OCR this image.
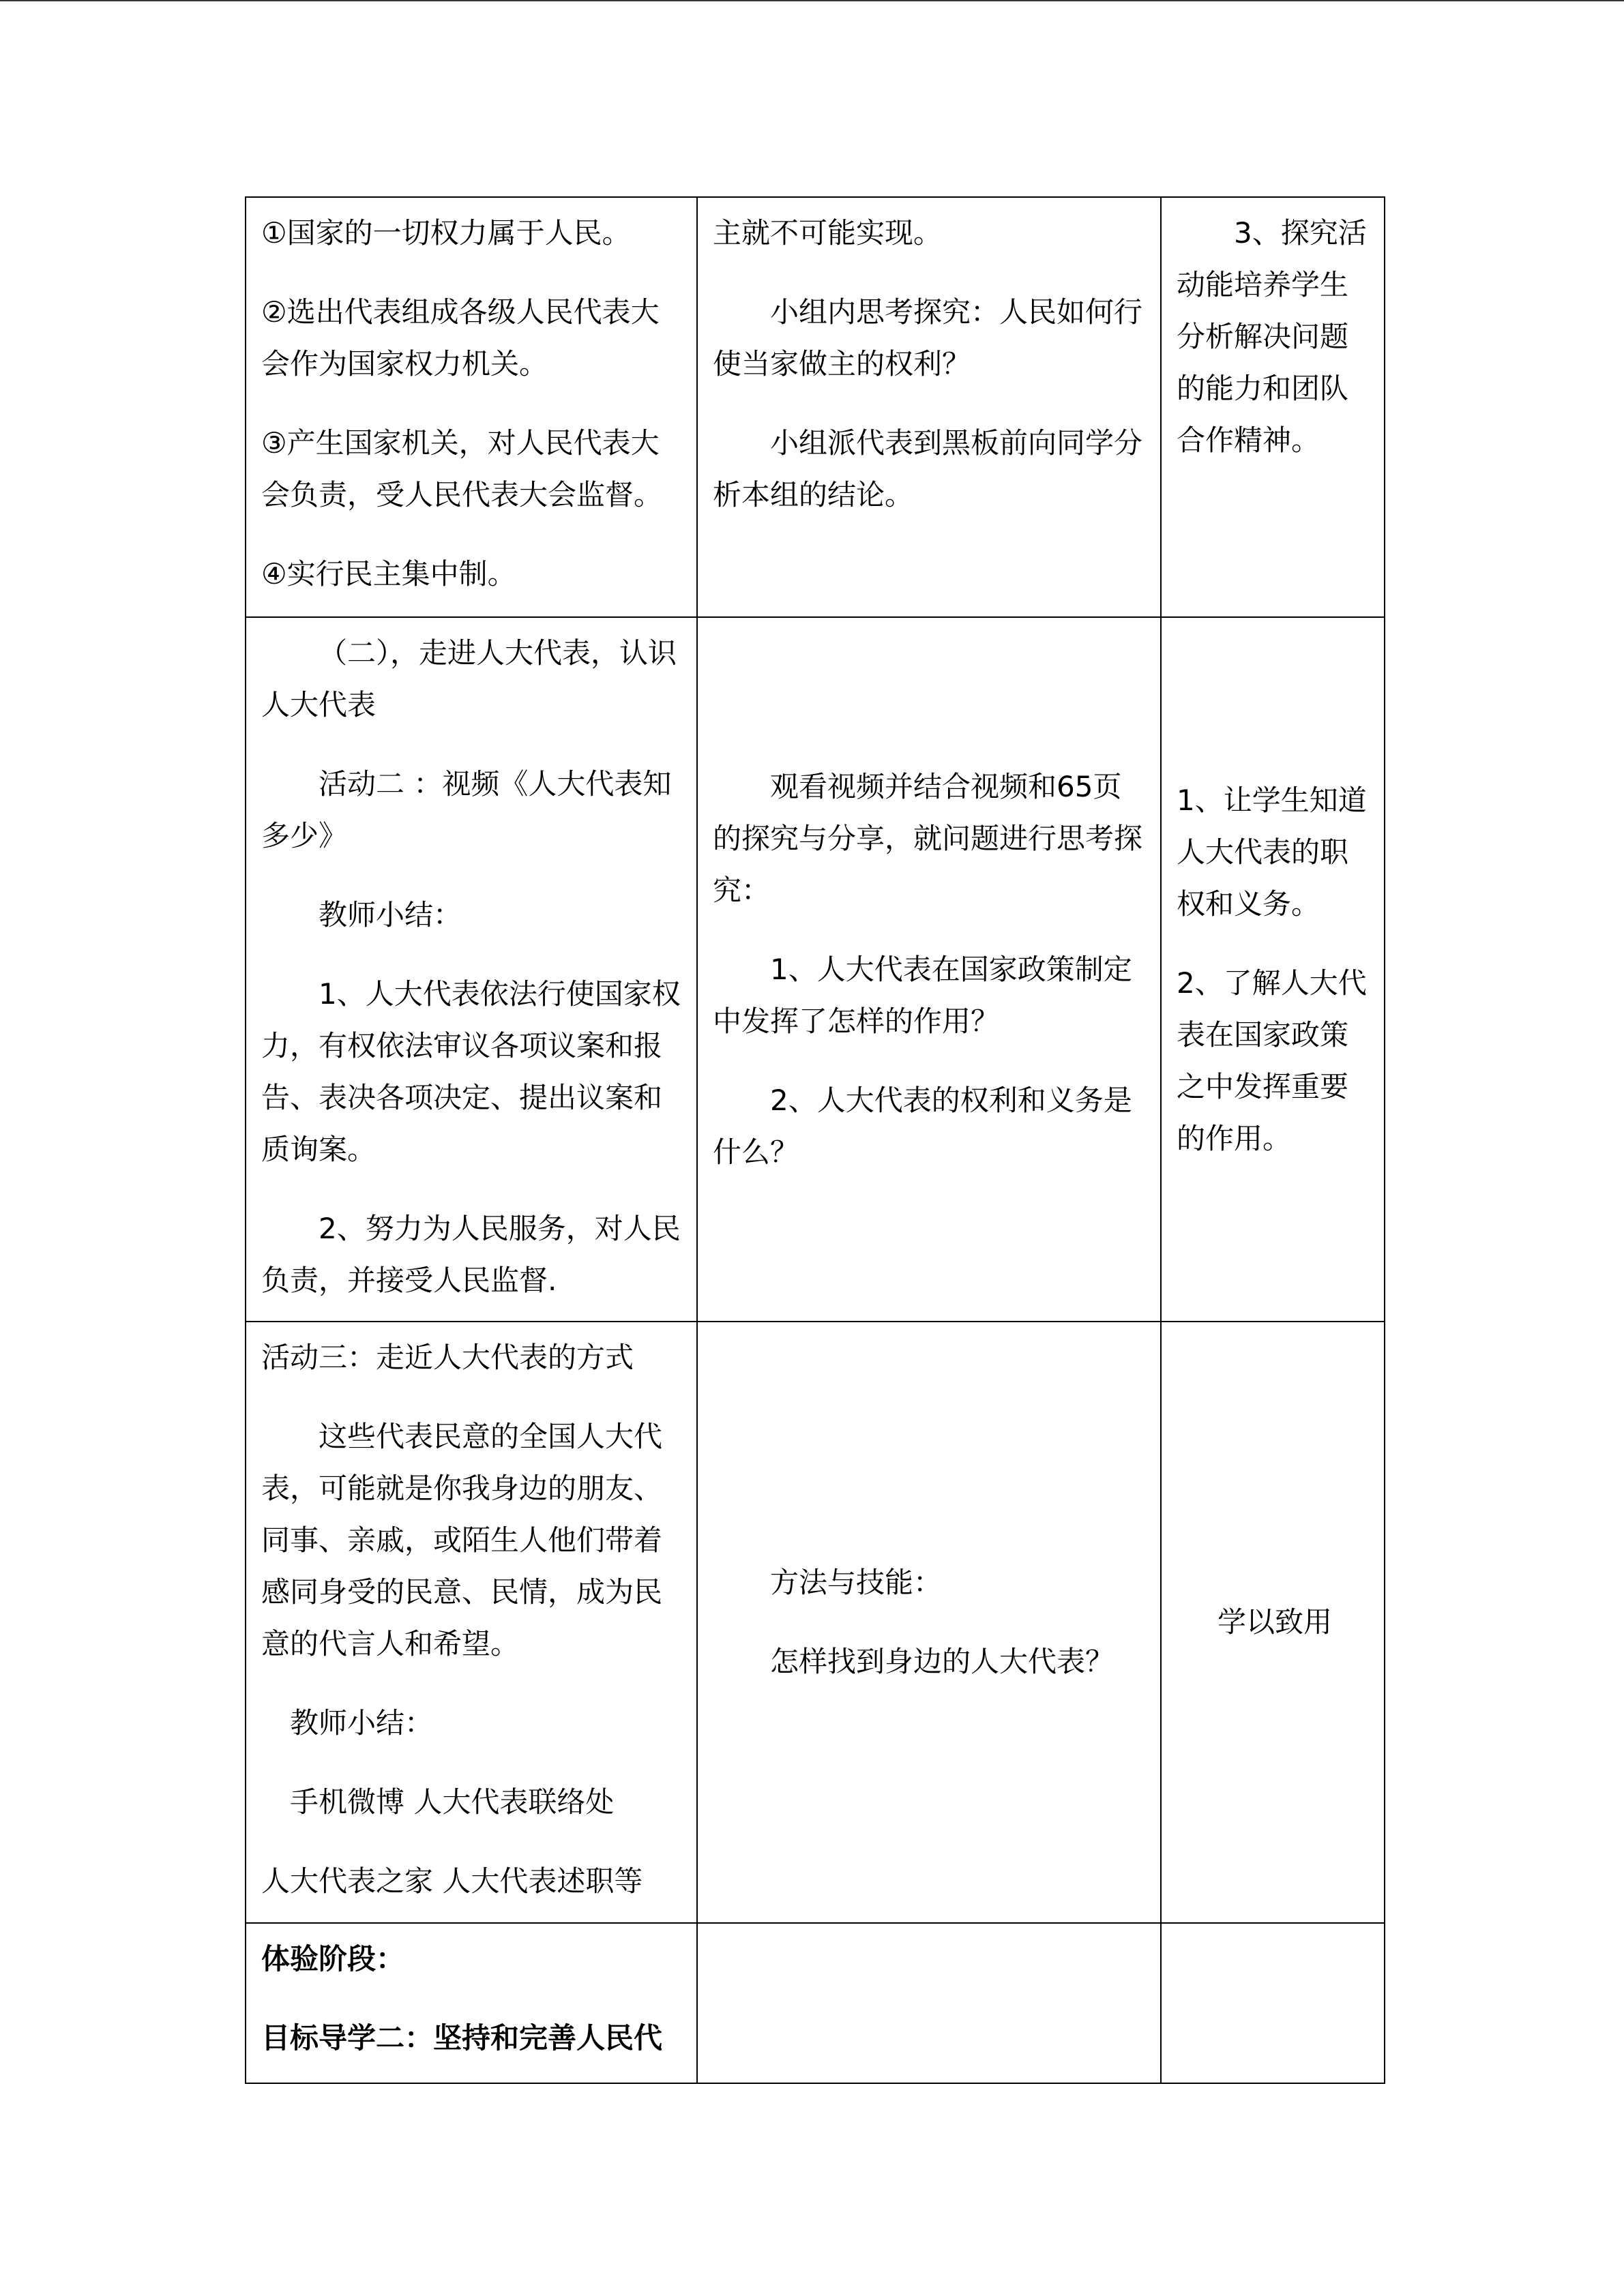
①国家的一切权力属于人民。
②选出代表组成各级人民代表大会作为国家权力机关。
③产生国家机关，对人民代表大会负责，受人民代表大会监督。
④实行民主集中制。	主就不可能实现。
小组内思考探究：人民如何行使当家做主的权利？
小组派代表到黑板前向同学分析本组的结论。	3、探究活动能培养学生分析解决问题的能力和团队合作精神。

（二），走进人大代表，认识人大代表
活动二 ：视频《人大代表知多少》
教师小结：
1、人大代表依法行使国家权力，有权依法审议各项议案和报告、表决各项决定、提出议案和质询案。
2、努力为人民服务，对人民负责，并接受人民监督.	观看视频并结合视频和65页的探究与分享，就问题进行思考探究：
1、人大代表在国家政策制定中发挥了怎样的作用？
2、人大代表的权利和义务是什么？	1、让学生知道人大代表的职权和义务。
2、了解人大代表在国家政策之中发挥重要的作用。

活动三：走近人大代表的方式
这些代表民意的全国人大代表，可能就是你我身边的朋友、同事、亲戚，或陌生人他们带着感同身受的民意、民情，成为民意的代言人和希望。
教师小结：
手机微博 人大代表联络处
人大代表之家 人大代表述职等	方法与技能：
怎样找到身边的人大代表？	学以致用

体验阶段：
目标导学二：坚持和完善人民代		
